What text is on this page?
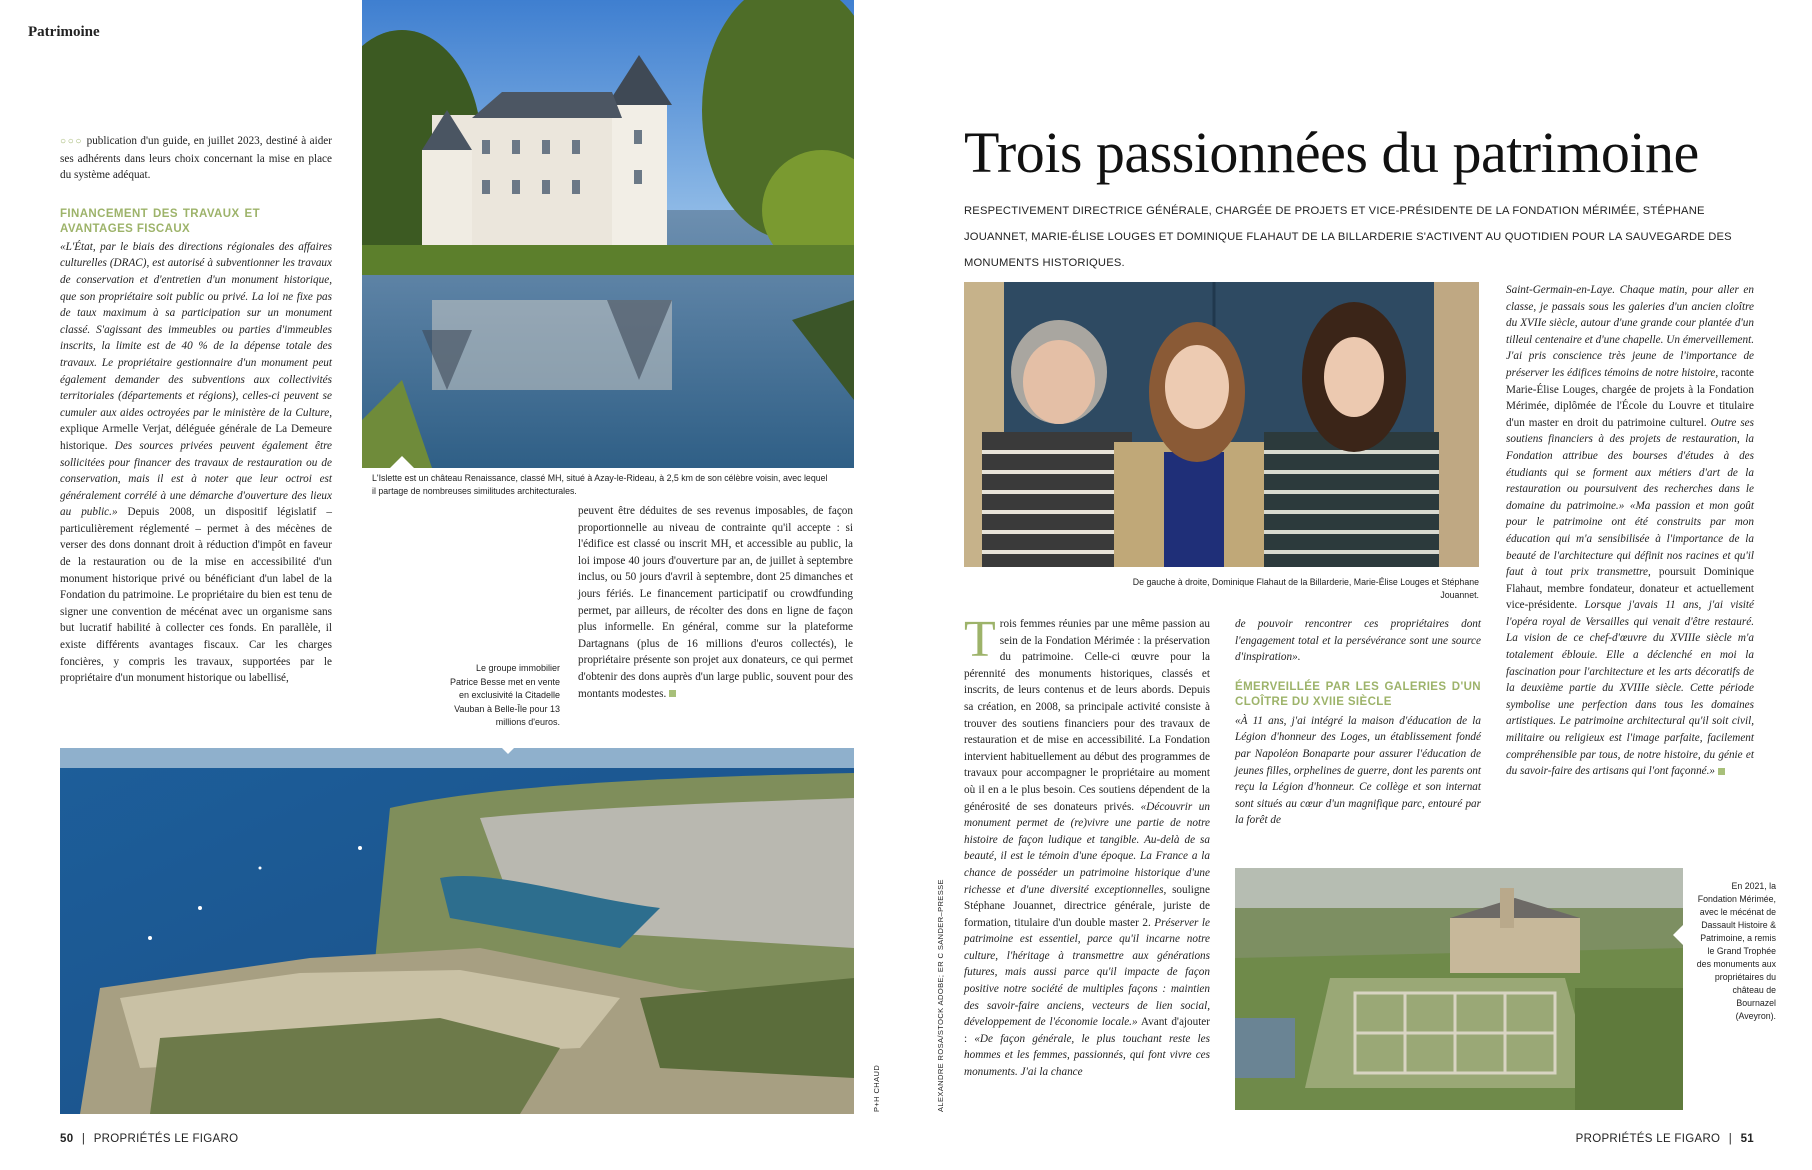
Patrimoine
L'Islette est un château Renaissance, classé MH, situé à Azay-le-Rideau, à 2,5 km de son célèbre voisin, avec lequel il partage de nombreuses similitudes architecturales.

○○○ publication d'un guide, en juillet 2023, destiné à aider ses adhérents dans leurs choix concernant la mise en place du système adéquat.

FINANCEMENT DES TRAVAUX ET AVANTAGES FISCAUX

«L'État, par le biais des directions régionales des affaires culturelles (DRAC), est autorisé à subventionner les travaux de conservation et d'entretien d'un monument historique, que son propriétaire soit public ou privé. La loi ne fixe pas de taux maximum à sa participation sur un monument classé. S'agissant des immeubles ou parties d'immeubles inscrits, la limite est de 40 % de la dépense totale des travaux. Le propriétaire gestionnaire d'un monument peut également demander des subventions aux collectivités territoriales (départements et régions), celles-ci peuvent se cumuler aux aides octroyées par le ministère de la Culture, explique Armelle Verjat, déléguée générale de La Demeure historique. Des sources privées peuvent également être sollicitées pour financer des travaux de restauration ou de conservation, mais il est à noter que leur octroi est généralement corrélé à une démarche d'ouverture des lieux au public.» Depuis 2008, un dispositif législatif – particulièrement réglementé – permet à des mécènes de verser des dons donnant droit à réduction d'impôt en faveur de la restauration ou de la mise en accessibilité d'un monument historique privé ou bénéficiant d'un label de la Fondation du patrimoine. Le propriétaire du bien est tenu de signer une convention de mécénat avec un organisme sans but lucratif habilité à collecter ces fonds. En parallèle, il existe différents avantages fiscaux. Car les charges foncières, y compris les travaux, supportées par le propriétaire d'un monument historique ou labellisé,

peuvent être déduites de ses revenus imposables, de façon proportionnelle au niveau de contrainte qu'il accepte : si l'édifice est classé ou inscrit MH, et accessible au public, la loi impose 40 jours d'ouverture par an, de juillet à septembre inclus, ou 50 jours d'avril à septembre, dont 25 dimanches et jours fériés. Le financement participatif ou crowdfunding permet, par ailleurs, de récolter des dons en ligne de façon plus informelle. En général, comme sur la plateforme Dartagnans (plus de 16 millions d'euros collectés), le propriétaire présente son projet aux donateurs, ce qui permet d'obtenir des dons auprès d'un large public, souvent pour des montants modestes.

Le groupe immobilier Patrice Besse met en vente en exclusivité la Citadelle Vauban à Belle-Île pour 13 millions d'euros.
P+H CHAUD
50 | PROPRIÉTÉS LE FIGARO
Trois passionnées du patrimoine
RESPECTIVEMENT DIRECTRICE GÉNÉRALE, CHARGÉE DE PROJETS ET VICE-PRÉSIDENTE DE LA FONDATION MÉRIMÉE, STÉPHANE JOUANNET, MARIE-ÉLISE LOUGES ET DOMINIQUE FLAHAUT DE LA BILLARDERIE S'ACTIVENT AU QUOTIDIEN POUR LA SAUVEGARDE DES MONUMENTS HISTORIQUES.
De gauche à droite, Dominique Flahaut de la Billarderie, Marie-Élise Louges et Stéphane Jouannet.

Trois femmes réunies par une même passion au sein de la Fondation Mérimée : la préservation du patrimoine. Celle-ci œuvre pour la pérennité des monuments historiques, classés et inscrits, de leurs contenus et de leurs abords. Depuis sa création, en 2008, sa principale activité consiste à trouver des soutiens financiers pour des travaux de restauration et de mise en accessibilité. La Fondation intervient habituellement au début des programmes de travaux pour accompagner le propriétaire au moment où il en a le plus besoin. Ces soutiens dépendent de la générosité de ses donateurs privés. «Découvrir un monument permet de (re)vivre une partie de notre histoire de façon ludique et tangible. Au-delà de sa beauté, il est le témoin d'une époque. La France a la chance de posséder un patrimoine historique d'une richesse et d'une diversité exceptionnelles, souligne Stéphane Jouannet, directrice générale, juriste de formation, titulaire d'un double master 2. Préserver le patrimoine est essentiel, parce qu'il incarne notre culture, l'héritage à transmettre aux générations futures, mais aussi parce qu'il impacte de façon positive notre société de multiples façons : maintien des savoir-faire anciens, vecteurs de lien social, développement de l'économie locale.» Avant d'ajouter : «De façon générale, le plus touchant reste les hommes et les femmes, passionnés, qui font vivre ces monuments. J'ai la chance

de pouvoir rencontrer ces propriétaires dont l'engagement total et la persévérance sont une source d'inspiration».

ÉMERVEILLÉE PAR LES GALERIES D'UN CLOÎTRE DU XVIIE SIÈCLE

«À 11 ans, j'ai intégré la maison d'éducation de la Légion d'honneur des Loges, un établissement fondé par Napoléon Bonaparte pour assurer l'éducation de jeunes filles, orphelines de guerre, dont les parents ont reçu la Légion d'honneur. Ce collège et son internat sont situés au cœur d'un magnifique parc, entouré par la forêt de

Saint-Germain-en-Laye. Chaque matin, pour aller en classe, je passais sous les galeries d'un ancien cloître du XVIIe siècle, autour d'une grande cour plantée d'un tilleul centenaire et d'une chapelle. Un émerveillement. J'ai pris conscience très jeune de l'importance de préserver les édifices témoins de notre histoire, raconte Marie-Élise Louges, chargée de projets à la Fondation Mérimée, diplômée de l'École du Louvre et titulaire d'un master en droit du patrimoine culturel. Outre ses soutiens financiers à des projets de restauration, la Fondation attribue des bourses d'études à des étudiants qui se forment aux métiers d'art de la restauration ou poursuivent des recherches dans le domaine du patrimoine.» «Ma passion et mon goût pour le patrimoine ont été construits par mon éducation qui m'a sensibilisée à l'importance de la beauté de l'architecture qui définit nos racines et qu'il faut à tout prix transmettre, poursuit Dominique Flahaut, membre fondateur, donateur et actuellement vice-présidente. Lorsque j'avais 11 ans, j'ai visité l'opéra royal de Versailles qui venait d'être restauré. La vision de ce chef-d'œuvre du XVIIIe siècle m'a totalement éblouie. Elle a déclenché en moi la fascination pour l'architecture et les arts décoratifs de la deuxième partie du XVIIIe siècle. Cette période symbolise une perfection dans tous les domaines artistiques. Le patrimoine architectural qu'il soit civil, militaire ou religieux est l'image parfaite, facilement compréhensible par tous, de notre histoire, du génie et du savoir-faire des artisans qui l'ont façonné.»

En 2021, la Fondation Mérimée, avec le mécénat de Dassault Histoire & Patrimoine, a remis le Grand Trophée des monuments aux propriétaires du château de Bournazel (Aveyron).
ALEXANDRE ROSA/STOCK ADOBE; ER C SANDER–PRESSE
PROPRIÉTÉS LE FIGARO | 51
